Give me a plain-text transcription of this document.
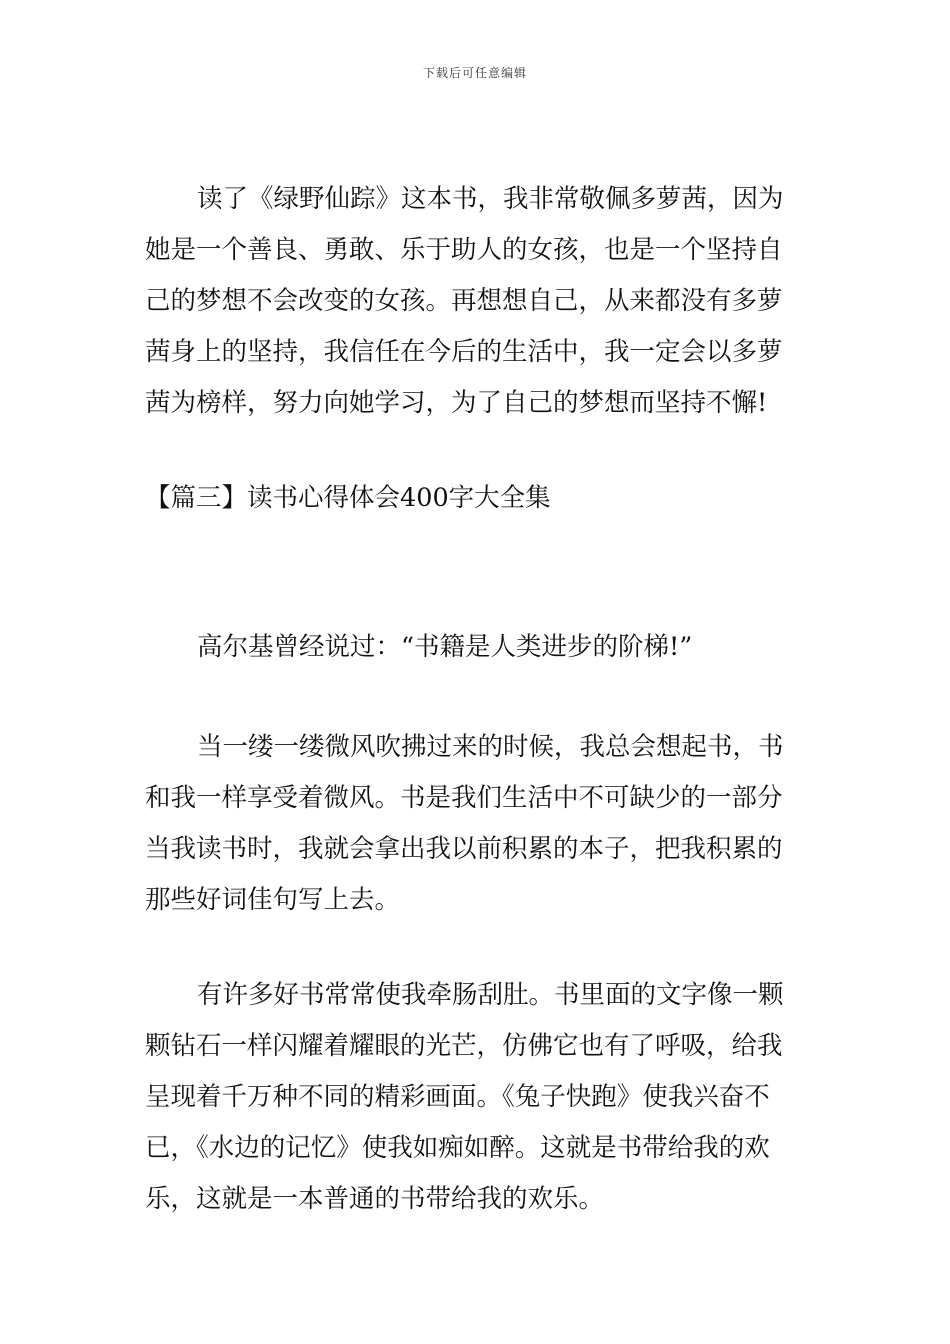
下载后可任意编辑
读了《绿野仙踪》这本书，我非常敬佩多萝茜，因为
她是一个善良、勇敢、乐于助人的女孩，也是一个坚持自
己的梦想不会改变的女孩。再想想自己，从来都没有多萝
茜身上的坚持，我信任在今后的生活中，我一定会以多萝
茜为榜样，努力向她学习，为了自己的梦想而坚持不懈!
【篇三】读书心得体会400字大全集
高尔基曾经说过：“书籍是人类进步的阶梯!”
当一缕一缕微风吹拂过来的时候，我总会想起书，书
和我一样享受着微风。书是我们生活中不可缺少的一部分
当我读书时，我就会拿出我以前积累的本子，把我积累的
那些好词佳句写上去。
有许多好书常常使我牵肠刮肚。书里面的文字像一颗
颗钻石一样闪耀着耀眼的光芒，仿佛它也有了呼吸，给我
呈现着千万种不同的精彩画面。《兔子快跑》使我兴奋不
已，《水边的记忆》使我如痴如醉。这就是书带给我的欢
乐，这就是一本普通的书带给我的欢乐。
